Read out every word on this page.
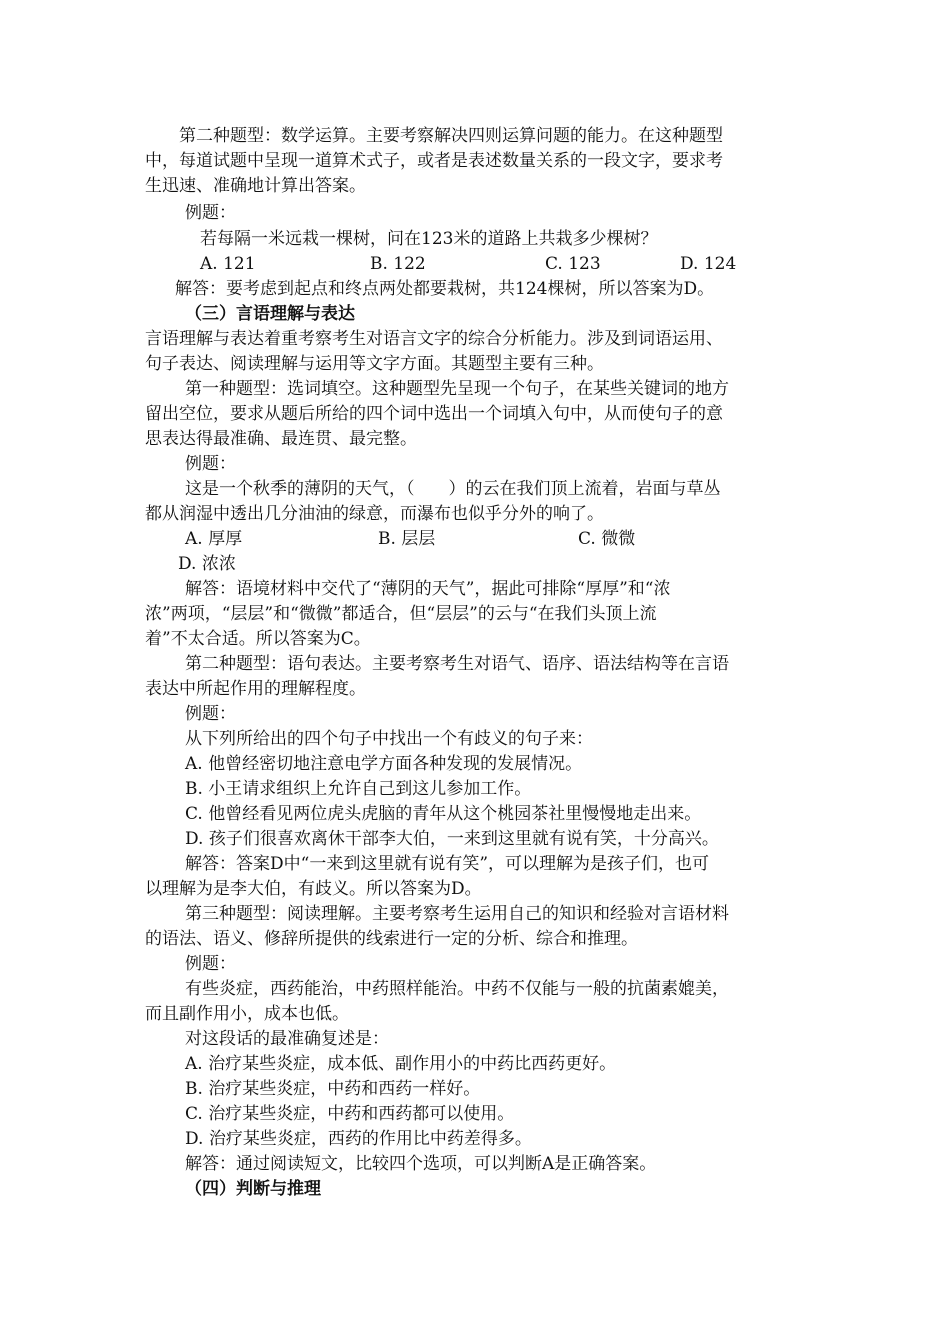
　　第二种题型：数学运算。主要考察解决四则运算问题的能力。在这种题型
中，每道试题中呈现一道算术式子，或者是表述数量关系的一段文字，要求考
生迅速、准确地计算出答案。
例题：
若每隔一米远栽一棵树，问在123米的道路上共栽多少棵树？
A. 121	B. 122	C. 123	D. 124
解答：要考虑到起点和终点两处都要栽树，共124棵树，所以答案为D。
（三）言语理解与表达
言语理解与表达着重考察考生对语言文字的综合分析能力。涉及到词语运用、
句子表达、阅读理解与运用等文字方面。其题型主要有三种。
第一种题型：选词填空。这种题型先呈现一个句子，在某些关键词的地方
留出空位，要求从题后所给的四个词中选出一个词填入句中，从而使句子的意
思表达得最准确、最连贯、最完整。
例题：
这是一个秋季的薄阴的天气，（　　）的云在我们顶上流着，岩面与草丛
都从润湿中透出几分油油的绿意，而瀑布也似乎分外的响了。
A. 厚厚	B. 层层	C. 微微
D. 浓浓
解答：语境材料中交代了“薄阴的天气”，据此可排除“厚厚”和“浓
浓”两项，“层层”和“微微”都适合，但“层层”的云与“在我们头顶上流
着”不太合适。所以答案为C。
第二种题型：语句表达。主要考察考生对语气、语序、语法结构等在言语
表达中所起作用的理解程度。
例题：
从下列所给出的四个句子中找出一个有歧义的句子来：
A. 他曾经密切地注意电学方面各种发现的发展情况。
B. 小王请求组织上允许自己到这儿参加工作。
C. 他曾经看见两位虎头虎脑的青年从这个桃园茶社里慢慢地走出来。
D. 孩子们很喜欢离休干部李大伯，一来到这里就有说有笑，十分高兴。
解答：答案D中“一来到这里就有说有笑”，可以理解为是孩子们，也可
以理解为是李大伯，有歧义。所以答案为D。
第三种题型：阅读理解。主要考察考生运用自己的知识和经验对言语材料
的语法、语义、修辞所提供的线索进行一定的分析、综合和推理。
例题：
有些炎症，西药能治，中药照样能治。中药不仅能与一般的抗菌素媲美，
而且副作用小，成本也低。
对这段话的最准确复述是：
A. 治疗某些炎症，成本低、副作用小的中药比西药更好。
B. 治疗某些炎症，中药和西药一样好。
C. 治疗某些炎症，中药和西药都可以使用。
D. 治疗某些炎症，西药的作用比中药差得多。
解答：通过阅读短文，比较四个选项，可以判断A是正确答案。
（四）判断与推理
